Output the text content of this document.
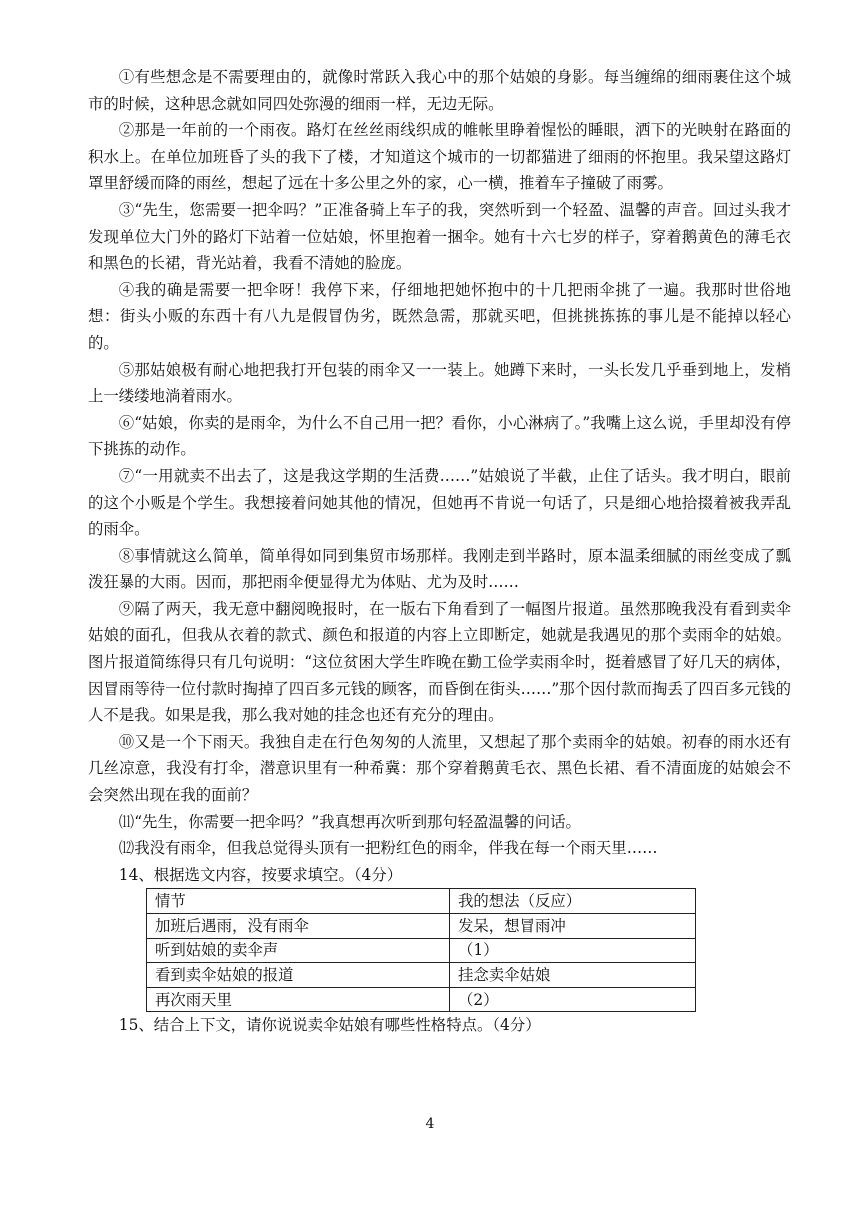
①有些想念是不需要理由的，就像时常跃入我心中的那个姑娘的身影。每当缠绵的细雨裹住这个城市的时候，这种思念就如同四处弥漫的细雨一样，无边无际。

②那是一年前的一个雨夜。路灯在丝丝雨线织成的帷帐里睁着惺忪的睡眼，洒下的光映射在路面的积水上。在单位加班昏了头的我下了楼，才知道这个城市的一切都猫进了细雨的怀抱里。我呆望这路灯罩里舒缓而降的雨丝，想起了远在十多公里之外的家，心一横，推着车子撞破了雨雾。

③“先生，您需要一把伞吗？”正准备骑上车子的我，突然听到一个轻盈、温馨的声音。回过头我才发现单位大门外的路灯下站着一位姑娘，怀里抱着一捆伞。她有十六七岁的样子，穿着鹅黄色的薄毛衣和黑色的长裙，背光站着，我看不清她的脸庞。

④我的确是需要一把伞呀！我停下来，仔细地把她怀抱中的十几把雨伞挑了一遍。我那时世俗地想：街头小贩的东西十有八九是假冒伪劣，既然急需，那就买吧，但挑挑拣拣的事儿是不能掉以轻心的。

⑤那姑娘极有耐心地把我打开包装的雨伞又一一装上。她蹲下来时，一头长发几乎垂到地上，发梢上一缕缕地淌着雨水。

⑥“姑娘，你卖的是雨伞，为什么不自己用一把？看你，小心淋病了。”我嘴上这么说，手里却没有停下挑拣的动作。

⑦“一用就卖不出去了，这是我这学期的生活费……”姑娘说了半截，止住了话头。我才明白，眼前的这个小贩是个学生。我想接着问她其他的情况，但她再不肯说一句话了，只是细心地拾掇着被我弄乱的雨伞。

⑧事情就这么简单，简单得如同到集贸市场那样。我刚走到半路时，原本温柔细腻的雨丝变成了瓢泼狂暴的大雨。因而，那把雨伞便显得尤为体贴、尤为及时……

⑨隔了两天，我无意中翻阅晚报时，在一版右下角看到了一幅图片报道。虽然那晚我没有看到卖伞姑娘的面孔，但我从衣着的款式、颜色和报道的内容上立即断定，她就是我遇见的那个卖雨伞的姑娘。图片报道简练得只有几句说明：“这位贫困大学生昨晚在勤工俭学卖雨伞时，挺着感冒了好几天的病体，因冒雨等待一位付款时掏掉了四百多元钱的顾客，而昏倒在街头……”那个因付款而掏丢了四百多元钱的人不是我。如果是我，那么我对她的挂念也还有充分的理由。

⑩又是一个下雨天。我独自走在行色匆匆的人流里，又想起了那个卖雨伞的姑娘。初春的雨水还有几丝凉意，我没有打伞，潜意识里有一种希冀：那个穿着鹅黄毛衣、黑色长裙、看不清面庞的姑娘会不会突然出现在我的面前？

⑾“先生，你需要一把伞吗？”我真想再次听到那句轻盈温馨的问话。

⑿我没有雨伞，但我总觉得头顶有一把粉红色的雨伞，伴我在每一个雨天里……

14、根据选文内容，按要求填空。（4分）

情节	我的想法（反应）
加班后遇雨，没有雨伞	发呆，想冒雨冲
听到姑娘的卖伞声	（1）
看到卖伞姑娘的报道	挂念卖伞姑娘
再次雨天里	（2）

15、结合上下文，请你说说卖伞姑娘有哪些性格特点。（4分）

4
